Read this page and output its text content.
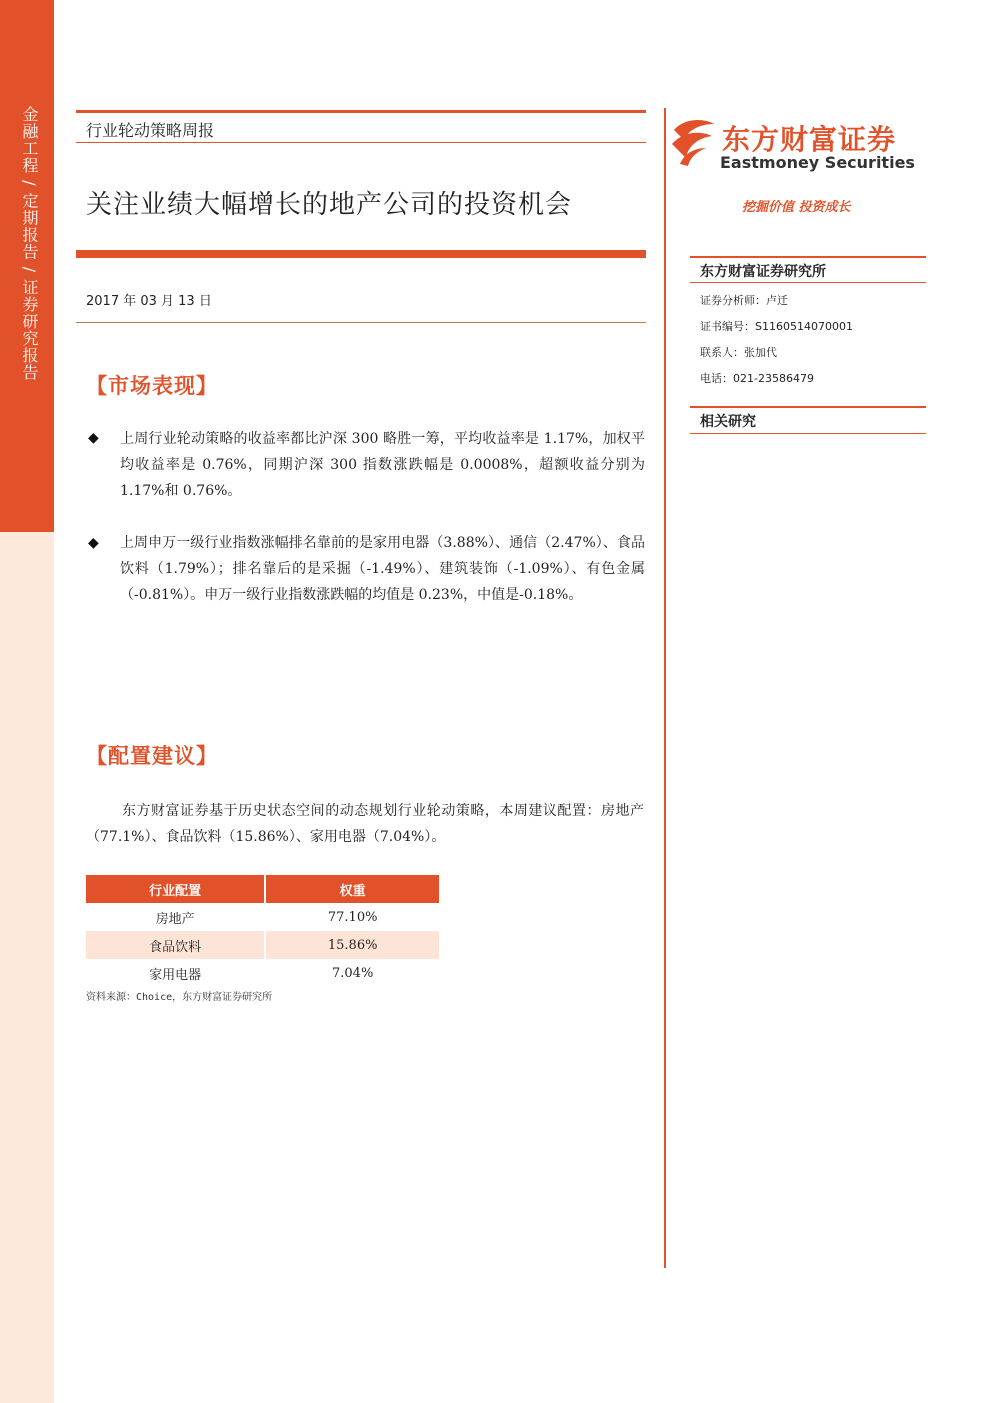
金融工程 / 定期报告 / 证券研究报告	行业轮动策略周报
关注业绩大幅增长的地产公司的投资机会
2017 年 03 月 13 日
【市场表现】
◆ 上周行业轮动策略的收益率都比沪深 300 略胜一筹，平均收益率是 1.17%，加权平均收益率是 0.76%，同期沪深 300 指数涨跌幅是 0.0008%，超额收益分别为 1.17%和 0.76%。
◆ 上周申万一级行业指数涨幅排名靠前的是家用电器（3.88%）、通信（2.47%）、食品饮料（1.79%）；排名靠后的是采掘（-1.49%）、建筑装饰（-1.09%）、有色金属（-0.81%）。申万一级行业指数涨跌幅的均值是 0.23%，中值是-0.18%。
【配置建议】
东方财富证券基于历史状态空间的动态规划行业轮动策略，本周建议配置：房地产（77.1%）、食品饮料（15.86%）、家用电器（7.04%）。
行业配置	权重
房地产	77.10%
食品饮料	15.86%
家用电器	7.04%
资料来源：Choice，东方财富证券研究所
东方财富证券
Eastmoney Securities
挖掘价值 投资成长
东方财富证券研究所
证券分析师：卢迁
证书编号：S1160514070001
联系人：张加代
电话：021-23586479
相关研究
